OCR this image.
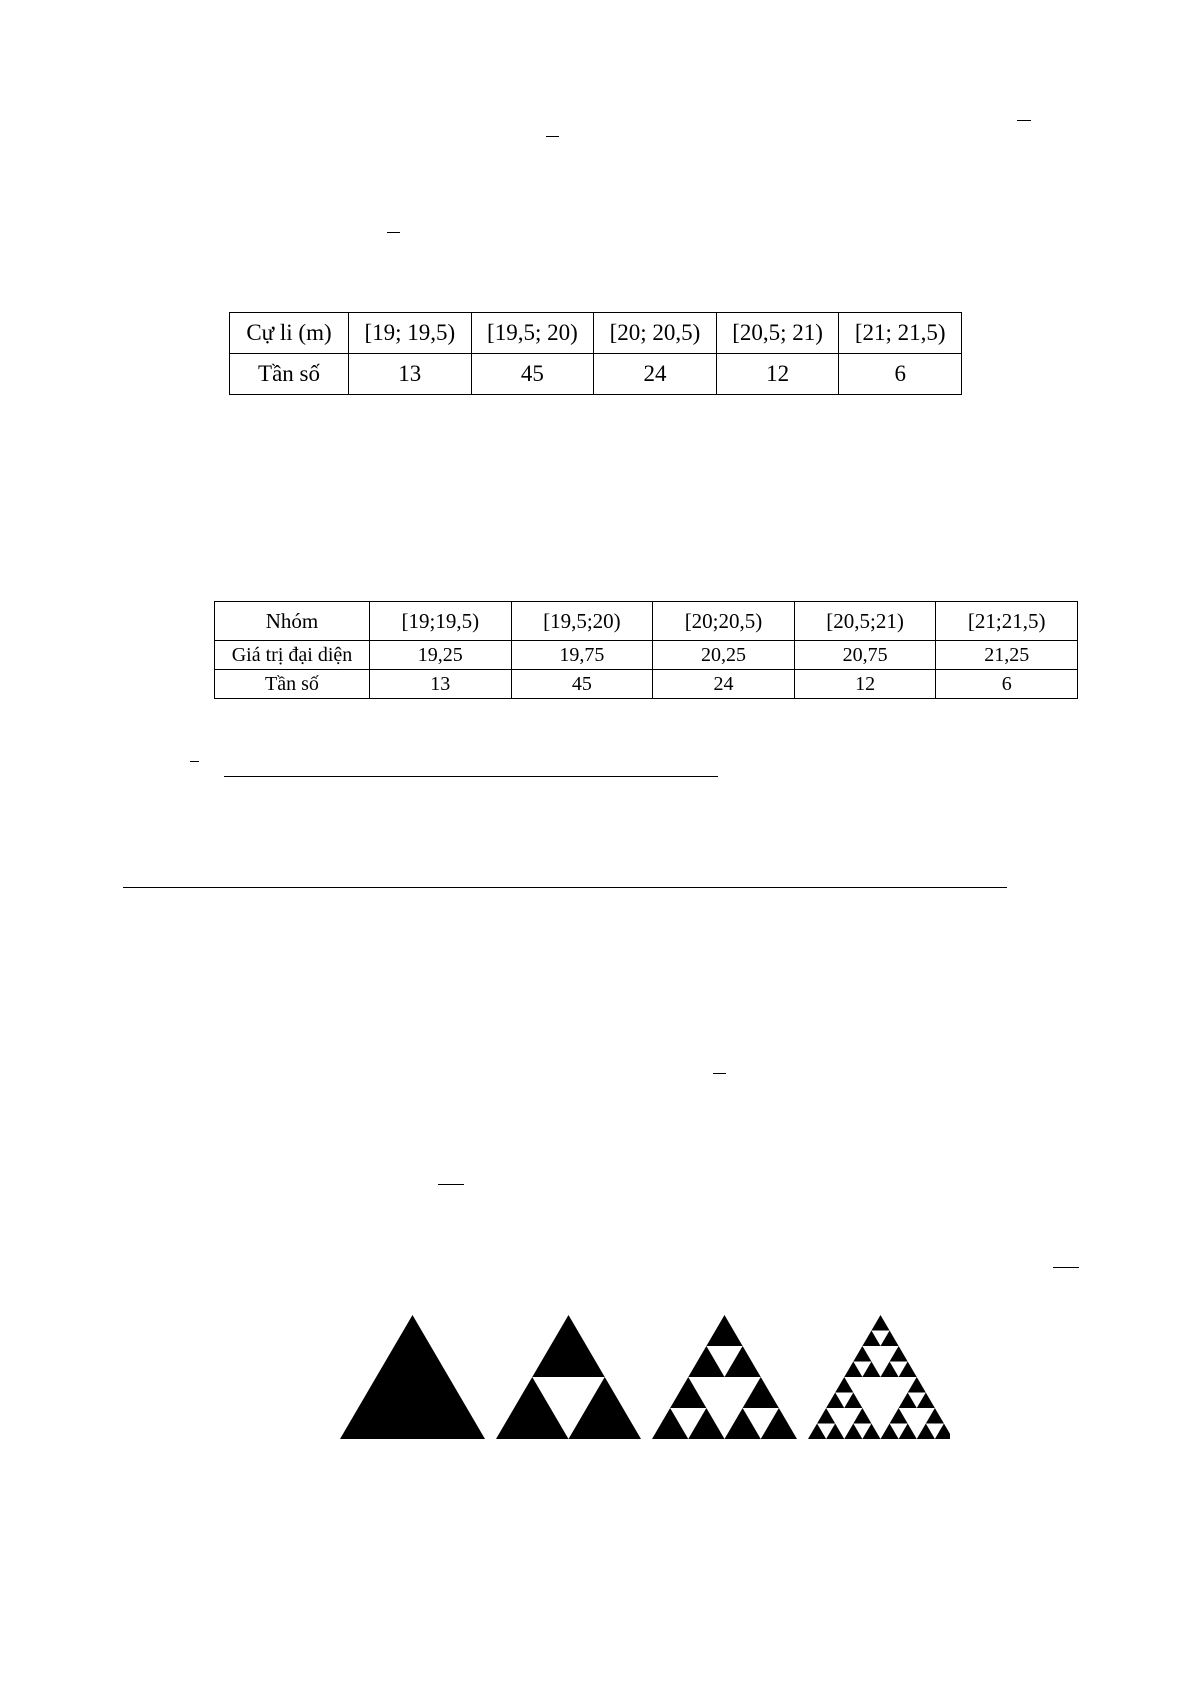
Cự li (m)	[19; 19,5)	[19,5; 20)	[20; 20,5)	[20,5; 21)	[21; 21,5)
Tần số	13	45	24	12	6
Nhóm	[19;19,5)	[19,5;20)	[20;20,5)	[20,5;21)	[21;21,5)
Giá trị đại diện	19,25	19,75	20,25	20,75	21,25
Tần số	13	45	24	12	6
